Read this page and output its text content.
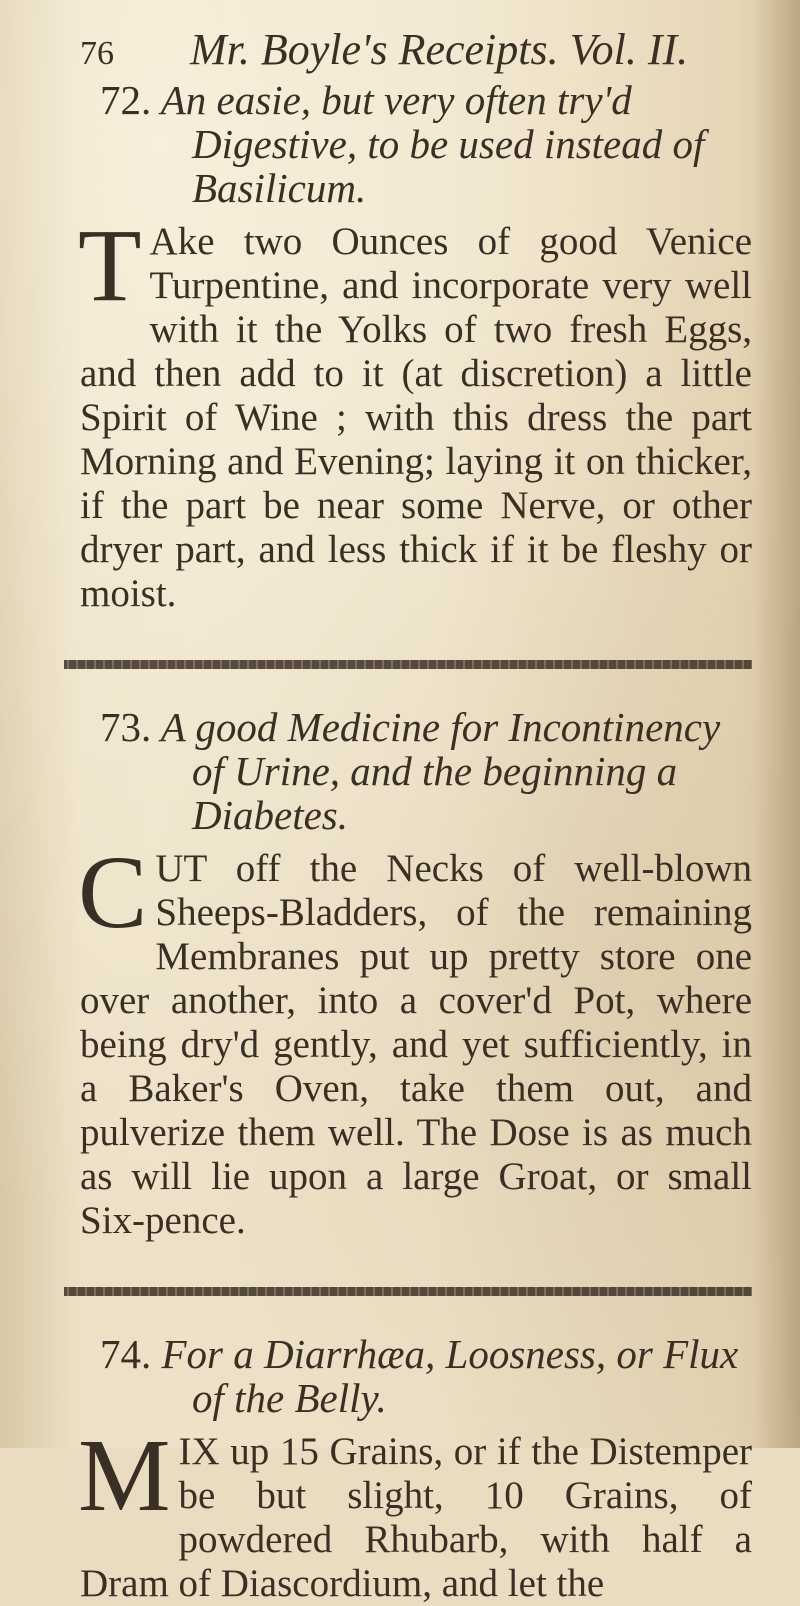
76	Mr. Boyle's Receipts. Vol. II.

72. An easie, but very often try'd Digestive, to be used instead of Basilicum.

T Ake two Ounces of good Venice Turpentine, and incorporate very well with it the Yolks of two fresh Eggs, and then add to it (at discretion) a little Spirit of Wine ; with this dress the part Morning and Evening; laying it on thicker, if the part be near some Nerve, or other dryer part, and less thick if it be fleshy or moist.

73. A good Medicine for Incontinency of Urine, and the beginning a Diabetes.

CUT off the Necks of well-blown Sheeps-Bladders, of the remaining Membranes put up pretty store one over another, into a cover'd Pot, where being dry'd gently, and yet sufficiently, in a Baker's Oven, take them out, and pulverize them well. The Dose is as much as will lie upon a large Groat, or small Six-pence.

74. For a Diarrhæa, Loosness, or Flux of the Belly.

MIX up 15 Grains, or if the Distemper be but slight, 10 Grains, of powdered Rhubarb, with half a Dram of Diascordium, and let the
